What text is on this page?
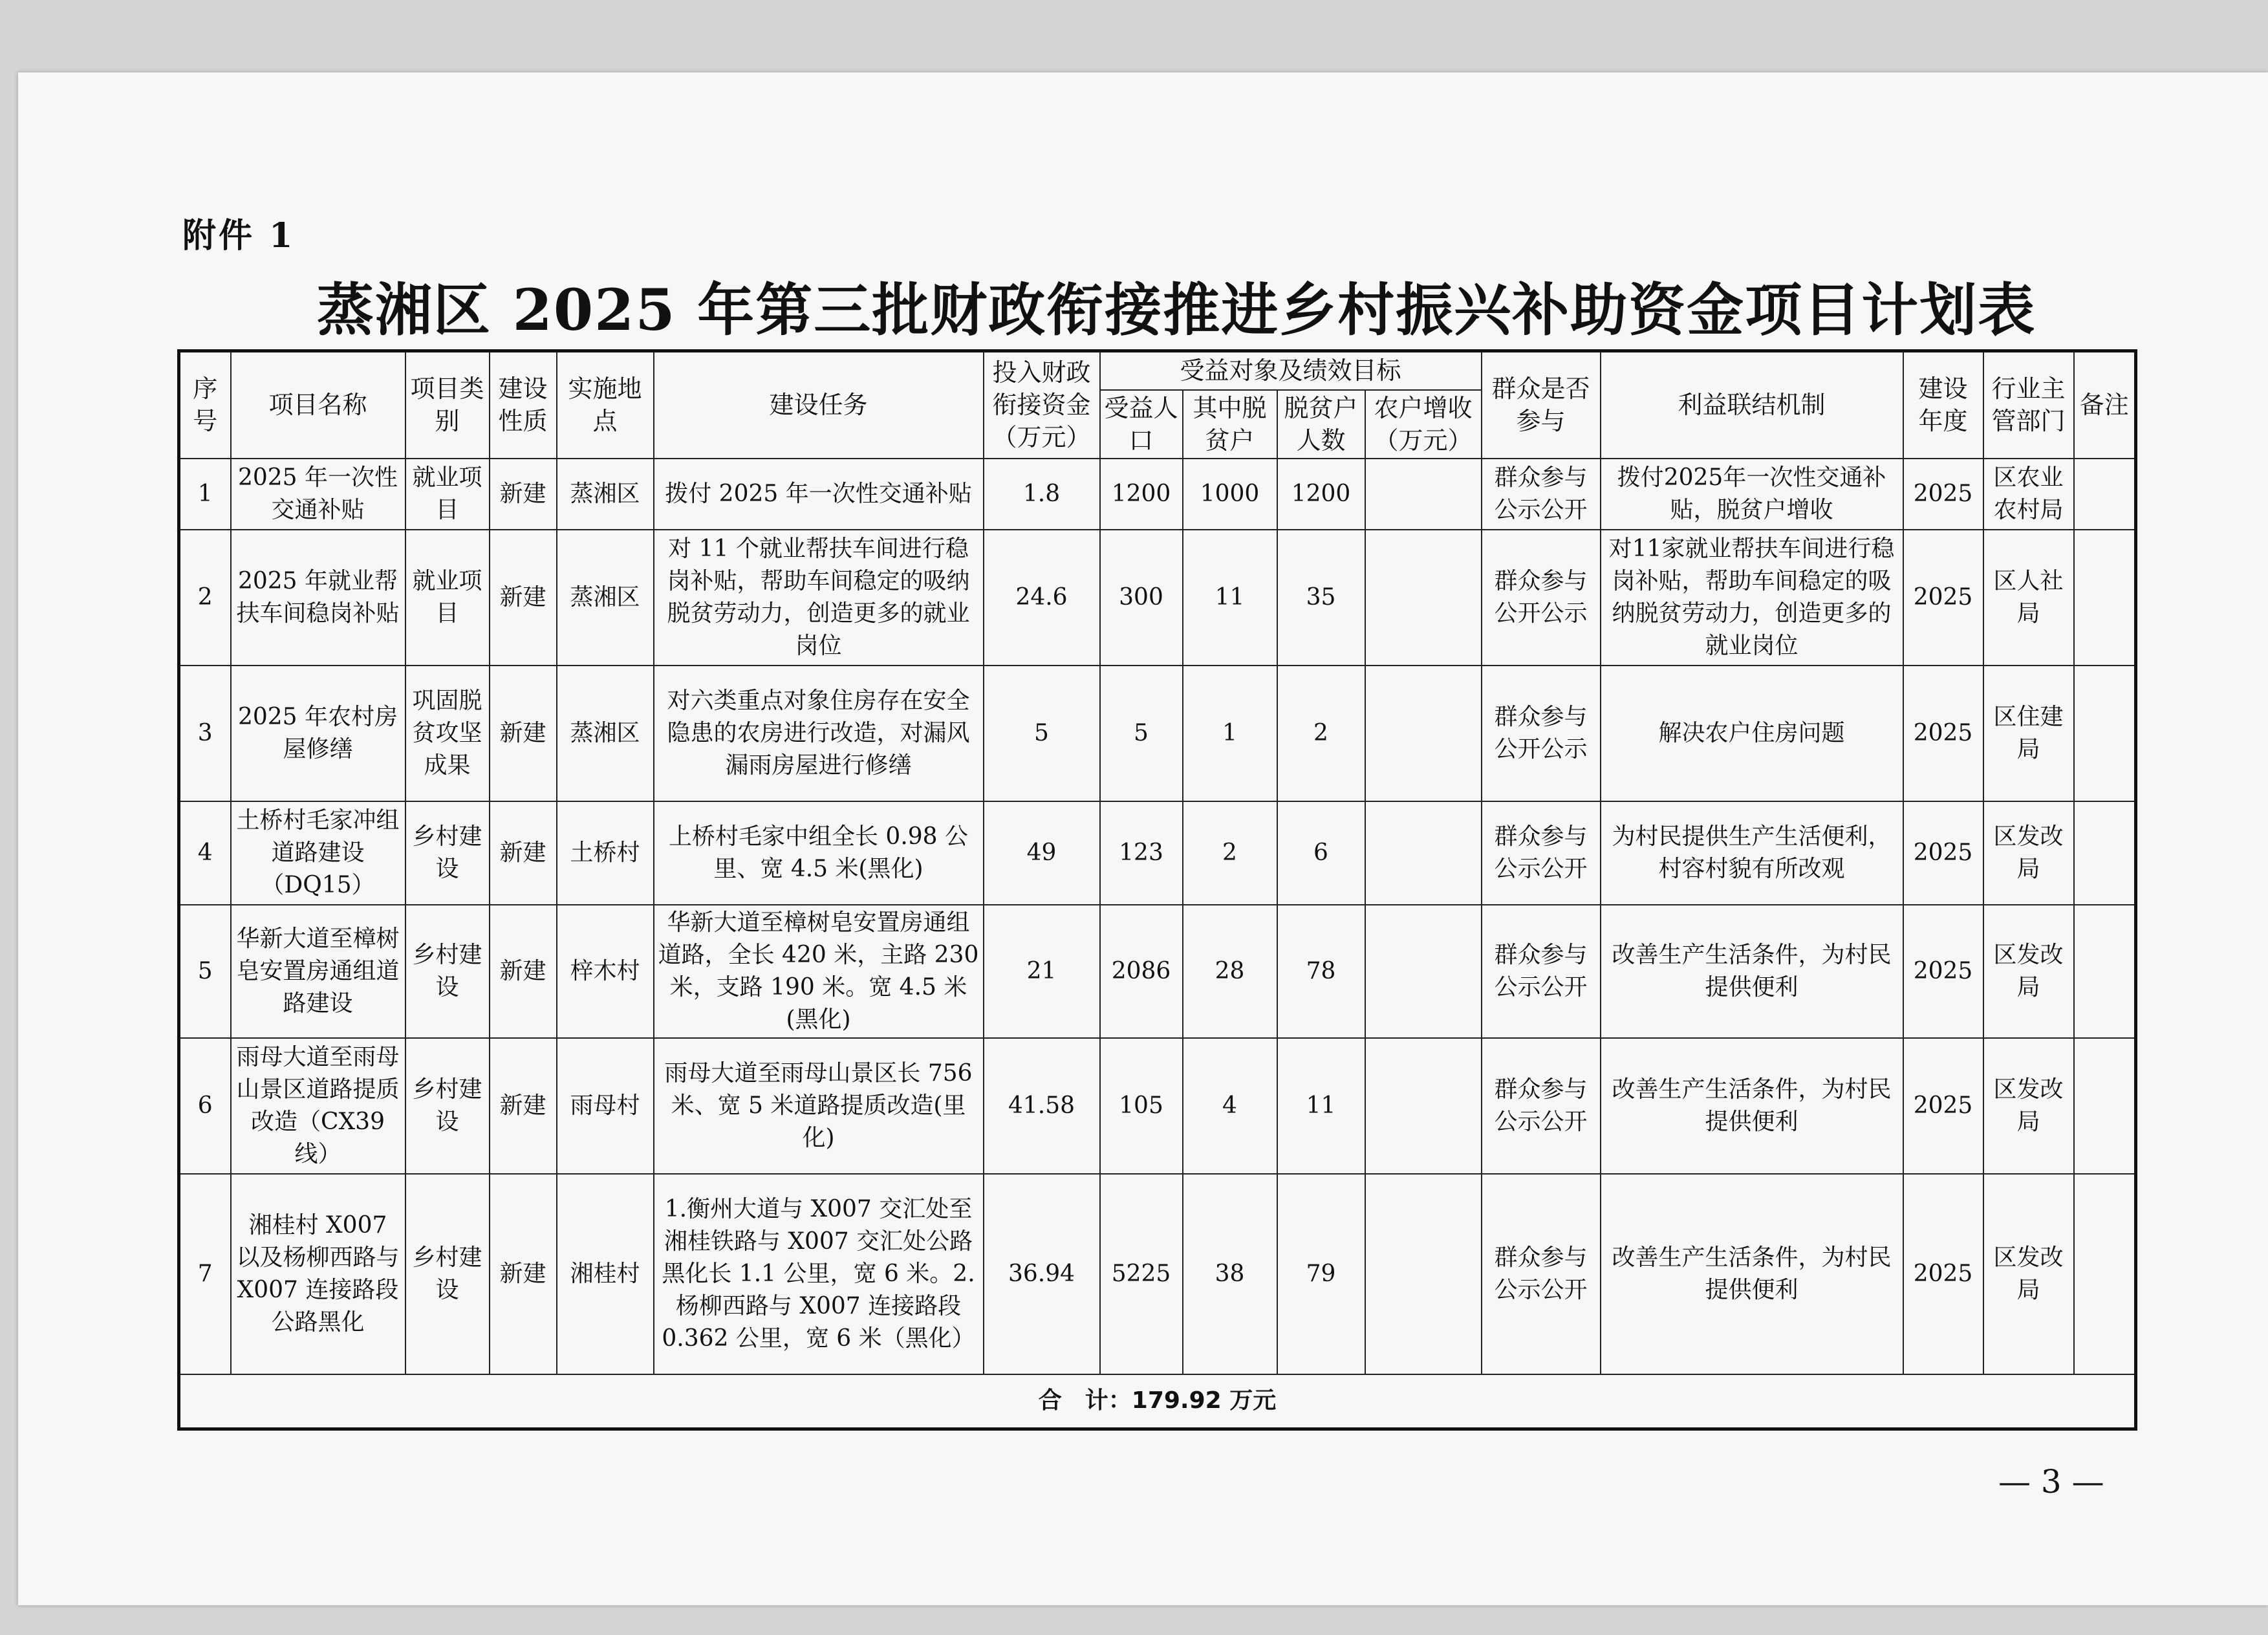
附件 1
蒸湘区 2025 年第三批财政衔接推进乡村振兴补助资金项目计划表
序号	项目名称	项目类别	建设性质	实施地点	建设任务	投入财政衔接资金（万元）	受益对象及绩效目标				群众是否参与	利益联结机制	建设年度	行业主管部门	备注
							受益人口	其中脱贫户	脱贫户人数	农户增收（万元）					
1	2025 年一次性交通补贴	就业项目	新建	蒸湘区	拨付 2025 年一次性交通补贴	1.8	1200	1000	1200		群众参与公示公开	拨付2025年一次性交通补贴，脱贫户增收	2025	区农业农村局	
2	2025 年就业帮扶车间稳岗补贴	就业项目	新建	蒸湘区	对 11 个就业帮扶车间进行稳岗补贴，帮助车间稳定的吸纳脱贫劳动力，创造更多的就业岗位	24.6	300	11	35		群众参与公开公示	对11家就业帮扶车间进行稳岗补贴，帮助车间稳定的吸纳脱贫劳动力，创造更多的就业岗位	2025	区人社局	
3	2025 年农村房屋修缮	巩固脱贫攻坚成果	新建	蒸湘区	对六类重点对象住房存在安全隐患的农房进行改造，对漏风漏雨房屋进行修缮	5	5	1	2		群众参与公开公示	解决农户住房问题	2025	区住建局	
4	土桥村毛家冲组道路建设（DQ15）	乡村建设	新建	土桥村	上桥村毛家中组全长 0.98 公里、宽 4.5 米(黑化)	49	123	2	6		群众参与公示公开	为村民提供生产生活便利，村容村貌有所改观	2025	区发改局	
5	华新大道至樟树皂安置房通组道路建设	乡村建设	新建	梓木村	华新大道至樟树皂安置房通组道路，全长 420 米，主路 230 米，支路 190 米。宽 4.5 米(黑化)	21	2086	28	78		群众参与公示公开	改善生产生活条件，为村民提供便利	2025	区发改局	
6	雨母大道至雨母山景区道路提质改造（CX39 线）	乡村建设	新建	雨母村	雨母大道至雨母山景区长 756 米、宽 5 米道路提质改造(里化)	41.58	105	4	11		群众参与公示公开	改善生产生活条件，为村民提供便利	2025	区发改局	
7	湘桂村 X007 以及杨柳西路与 X007 连接路段公路黑化	乡村建设	新建	湘桂村	1.衡州大道与 X007 交汇处至湘桂铁路与 X007 交汇处公路黑化长 1.1 公里，宽 6 米。2.杨柳西路与 X007 连接路段 0.362 公里，宽 6 米（黑化）	36.94	5225	38	79		群众参与公示公开	改善生产生活条件，为村民提供便利	2025	区发改局	
合　计：179.92 万元															
— 3 —
